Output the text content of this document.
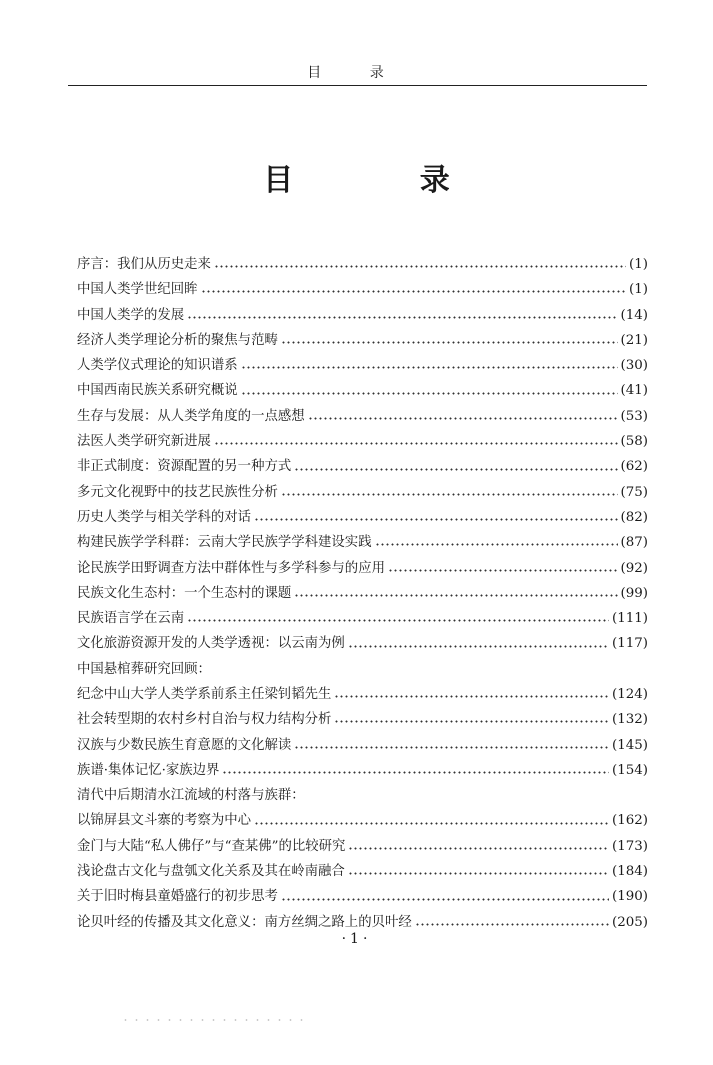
目 录
目 录
序言：我们从历史走来	(1)
中国人类学世纪回眸	(1)
中国人类学的发展	(14)
经济人类学理论分析的聚焦与范畴	(21)
人类学仪式理论的知识谱系	(30)
中国西南民族关系研究概说	(41)
生存与发展：从人类学角度的一点感想	(53)
法医人类学研究新进展	(58)
非正式制度：资源配置的另一种方式	(62)
多元文化视野中的技艺民族性分析	(75)
历史人类学与相关学科的对话	(82)
构建民族学学科群：云南大学民族学学科建设实践	(87)
论民族学田野调查方法中群体性与多学科参与的应用	(92)
民族文化生态村：一个生态村的课题	(99)
民族语言学在云南	(111)
文化旅游资源开发的人类学透视：以云南为例	(117)
中国悬棺葬研究回顾：
纪念中山大学人类学系前系主任梁钊韬先生	(124)
社会转型期的农村乡村自治与权力结构分析	(132)
汉族与少数民族生育意愿的文化解读	(145)
族谱·集体记忆·家族边界	(154)
清代中后期清水江流域的村落与族群：
以锦屏县文斗寨的考察为中心	(162)
金门与大陆“私人佛仔”与“查某佛”的比较研究	(173)
浅论盘古文化与盘瓠文化关系及其在岭南融合	(184)
关于旧时梅县童婚盛行的初步思考	(190)
论贝叶经的传播及其文化意义：南方丝绸之路上的贝叶经	(205)
·1·
